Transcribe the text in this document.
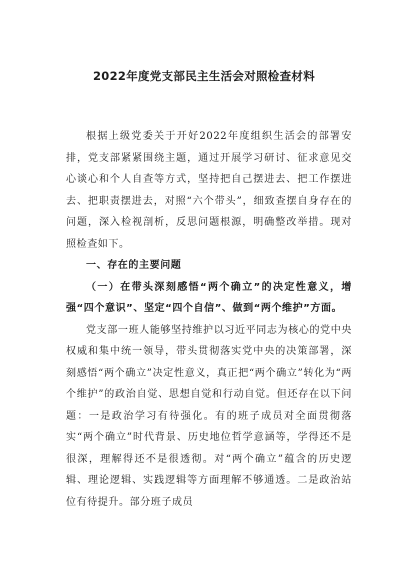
2022年度党支部民主生活会对照检查材料

根据上级党委关于开好2022年度组织生活会的部署安排，党支部紧紧围绕主题，通过开展学习研讨、征求意见交心谈心和个人自查等方式，坚持把自己摆进去、把工作摆进去、把职责摆进去，对照“六个带头”，细致查摆自身存在的问题，深入检视剖析，反思问题根源，明确整改举措。现对照检查如下。

一、存在的主要问题

（一）在带头深刻感悟“两个确立”的决定性意义，增强“四个意识”、坚定“四个自信”、做到“两个维护”方面。

党支部一班人能够坚持维护以习近平同志为核心的党中央权威和集中统一领导，带头贯彻落实党中央的决策部署，深刻感悟“两个确立”决定性意义，真正把“两个确立”转化为“两个维护”的政治自觉、思想自觉和行动自觉。但还存在以下问题：一是政治学习有待强化。有的班子成员对全面贯彻落实“两个确立”时代背景、历史地位哲学意涵等，学得还不是很深，理解得还不是很透彻。对“两个确立”蕴含的历史逻辑、理论逻辑、实践逻辑等方面理解不够通透。二是政治站位有待提升。部分班子成员
